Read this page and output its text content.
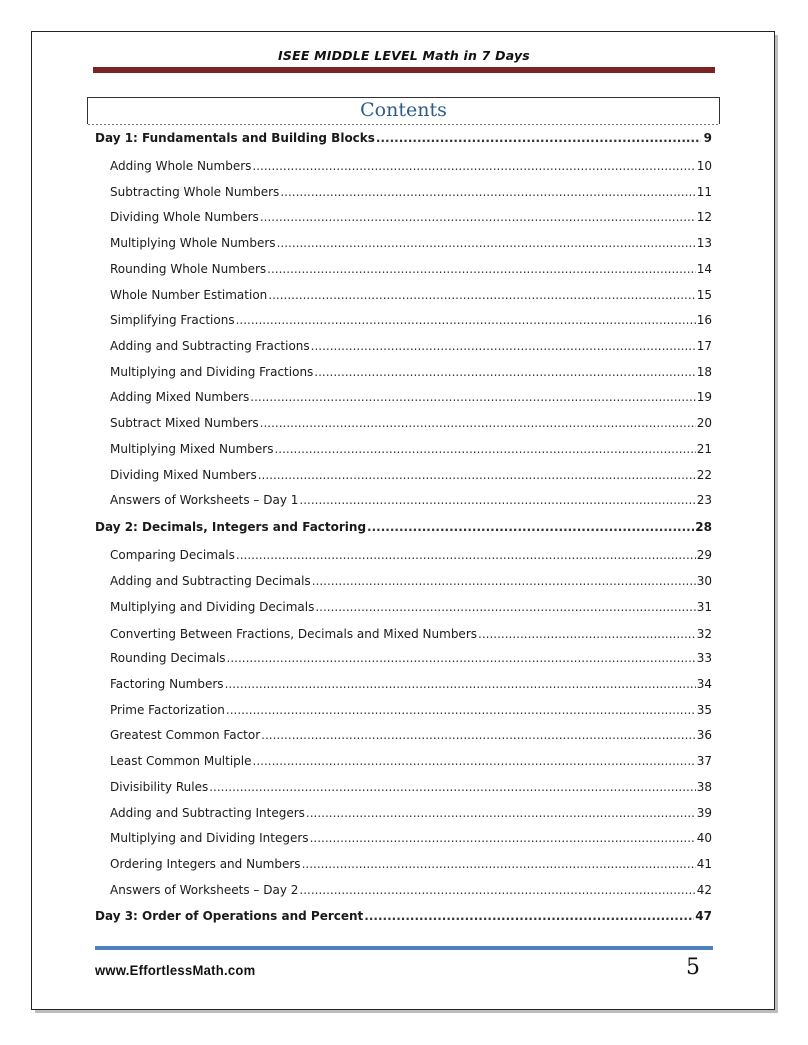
ISEE MIDDLE LEVEL Math in 7 Days
Contents
Day 1: Fundamentals and Building Blocks .....	9
Adding Whole Numbers .....	10
Subtracting Whole Numbers .....	11
Dividing Whole Numbers .....	12
Multiplying Whole Numbers .....	13
Rounding Whole Numbers .....	14
Whole Number Estimation .....	15
Simplifying Fractions .....	16
Adding and Subtracting Fractions .....	17
Multiplying and Dividing Fractions .....	18
Adding Mixed Numbers .....	19
Subtract Mixed Numbers .....	20
Multiplying Mixed Numbers .....	21
Dividing Mixed Numbers .....	22
Answers of Worksheets – Day 1 .....	23
Day 2: Decimals, Integers and Factoring .....	28
Comparing Decimals .....	29
Adding and Subtracting Decimals .....	30
Multiplying and Dividing Decimals .....	31
Converting Between Fractions, Decimals and Mixed Numbers .....	32
Rounding Decimals .....	33
Factoring Numbers .....	34
Prime Factorization .....	35
Greatest Common Factor .....	36
Least Common Multiple .....	37
Divisibility Rules .....	38
Adding and Subtracting Integers .....	39
Multiplying and Dividing Integers .....	40
Ordering Integers and Numbers .....	41
Answers of Worksheets – Day 2 .....	42
Day 3: Order of Operations and Percent .....	47
www.EffortlessMath.com	5
